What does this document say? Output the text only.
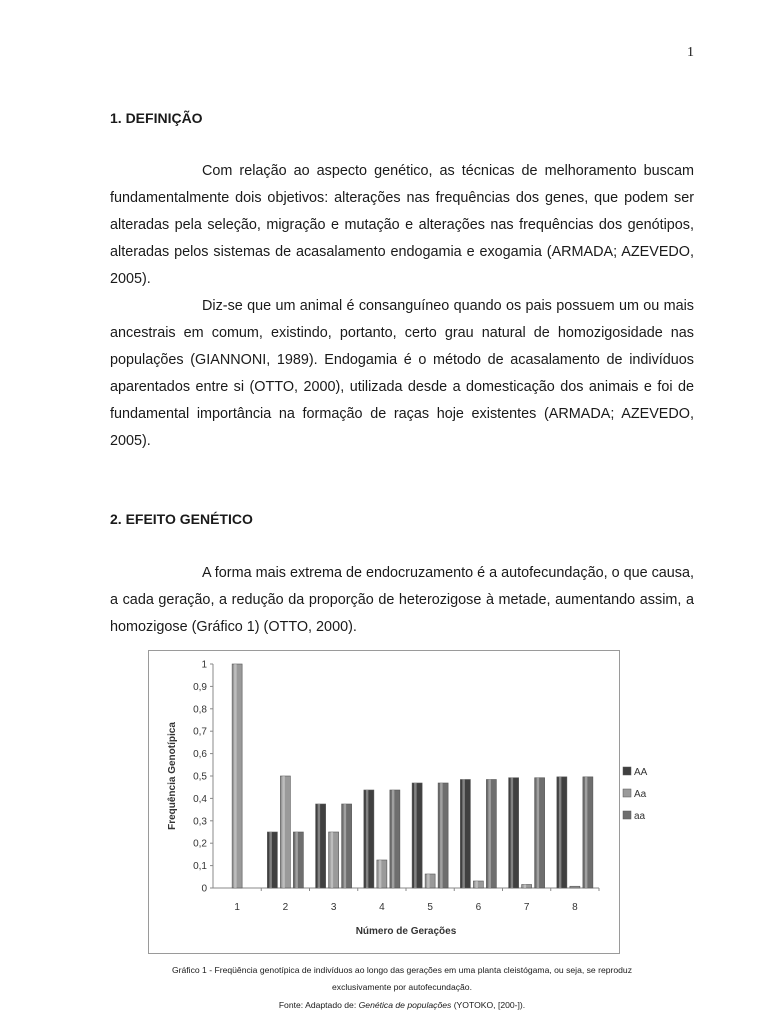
1
1. DEFINIÇÃO

Com relação ao aspecto genético, as técnicas de melhoramento buscam fundamentalmente dois objetivos: alterações nas frequências dos genes, que podem ser alteradas pela seleção, migração e mutação e alterações nas frequências dos genótipos, alteradas pelos sistemas de acasalamento endogamia e exogamia (ARMADA; AZEVEDO, 2005).

Diz-se que um animal é consanguíneo quando os pais possuem um ou mais ancestrais em comum, existindo, portanto, certo grau natural de homozigosidade nas populações (GIANNONI, 1989). Endogamia é o método de acasalamento de indivíduos aparentados entre si (OTTO, 2000), utilizada desde a domesticação dos animais e foi de fundamental importância na formação de raças hoje existentes (ARMADA; AZEVEDO, 2005).

2. EFEITO GENÉTICO

A forma mais extrema de endocruzamento é a autofecundação, o que causa, a cada geração, a redução da proporção de heterozigose à metade, aumentando assim, a homozigose (Gráfico 1) (OTTO, 2000).

0
0,1
0,2
0,3
0,4
0,5
0,6
0,7
0,8
0,9
1
1	2	3	4	5	6	7	8
Número de Gerações
Frequência Genotípica	AA
Aa
aa
Gráfico 1 - Freqüência genotípica de indivíduos ao longo das gerações em uma planta cleistógama, ou seja, se reproduz
exclusivamente por autofecundação.
Fonte: Adaptado de: Genética de populações (YOTOKO, [200-]).
